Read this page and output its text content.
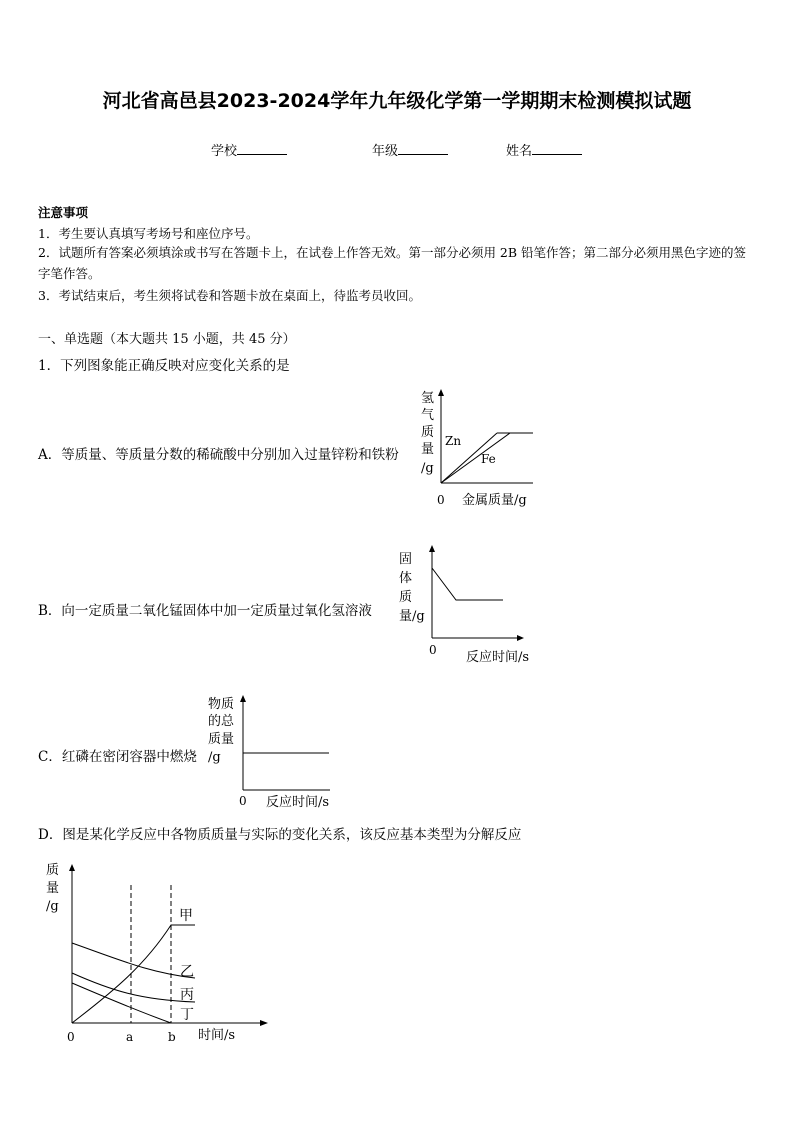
河北省高邑县2023-2024学年九年级化学第一学期期末检测模拟试题
学校	年级	姓名
注意事项
1．考生要认真填写考场号和座位序号。
2．试题所有答案必须填涂或书写在答题卡上，在试卷上作答无效。第一部分必须用 2B 铅笔作答；第二部分必须用黑色字迹的签字笔作答。
3．考试结束后，考生须将试卷和答题卡放在桌面上，待监考员收回。
一、单选题（本大题共 15 小题，共 45 分）
1．下列图象能正确反映对应变化关系的是
A．等质量、等质量分数的稀硫酸中分别加入过量锌粉和铁粉
B．向一定质量二氧化锰固体中加一定质量过氧化氢溶液
C．红磷在密闭容器中燃烧
D．图是某化学反应中各物质质量与实际的变化关系，该反应基本类型为分解反应
氢
气
质
量
/g
Zn
Fe
0 金属质量/g
固
体
质
量/g
0 反应时间/s
物质
的总
质量
/g
0 反应时间/s
质
量
/g
甲
乙
丙
丁
0	a	b 时间/s
